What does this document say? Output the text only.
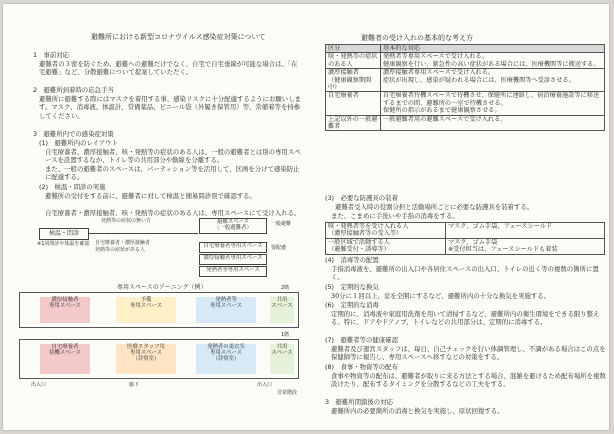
避難所における新型コロナウイルス感染症対策について
1　事前対応
避難者の３密を防ぐため、避難への避難だけでなく、自宅で自宅垂線が可能な場合は、「在宅避難」など、分散避難について提案していただく。
2　避難所到着時の応急手当
避難所に避難する際にはマスクを着用する事、感染リスクに十分配慮するようにお願いします。マスク、消毒液、体温計、常備薬品、ビニール袋（外履き保管用）等、常備着等を持参してください。
3　避難所内での感染症対策
(1)　避難所内のレイアウト
自宅療養者、濃厚接触者、咳・発熱等の症状のある人は、一般の避難者とは別の専用スペースを設置するなか、トイレ等の共用部分や動線を分離する。
また、一般の避難者のスペースは、パーティション等を活用して、区画を分けて感染防止に配慮する。
(2)　検温・問診の実施
避難所の受付をする前に、避難者に対して検温と簡易問診票で確認する。
自宅療養者・濃厚接触者、咳・発熱等の症状のある人は、専用スペースにて受け入れる。
検温・問診
※1回問診や体温を確認
発熱等の症状の無い方	避難スペース
（一般避難者）
自宅療養者・濃厚接触者
発熱等の症状がある人
自宅療養者専用スペース
濃厚接触者専用スペース
発熱者等専用スペース
一般避難
要配慮
専用スペースのゾーニング（例）	2階
濃厚接触者
専用スペース
予備
専用スペース
発熱者等
専用スペース
共用
スペース
1階
自宅療養者
待機スペース
医療スタッフ用
専用スペース
（診察室）
発熱者の更衣室
専用スペース
（診察室）
共用
スペース
出入口	出入口
廊下
非常階段
避難者の受け入れの基本的な考え方
区分	基本的な対応
咳・発熱等の症状のある人	発熱者等専用スペースで受け入れる。
健康観察を行い、緊急性の高い症状がある場合には、医療機関等に搬送する。
濃厚接触者
（健康観察期間中）	濃厚接触者専用スペースで受け入れる。
症状が出現し、感染が疑われる場合には、医療機関等へ受診させる。
自宅療養者	自宅療養者待機スペースで待機させ、保健所に連絡し、宿泊療養施設等に移送するまでの間、避難所の一室で待機させる。
保健所の指示があるまで健康観察させる。
上記以外の一般避難者	一般避難者用の避難スペースで受け入れる。
(3)　必要な防護具の装着
避難者受入時の役割分担と活動場所ごとに必要な防護具を装着する。
また、こまめに手洗いや手指の消毒をする。
咳・発熱者等を受け入れる人
（濃厚接触者等の受入等）	マスク、ゴム手袋、フェースシールド
一般区域で活動する人
（避難受付・誘導等）	マスク、ゴム手袋
※受付担当は、フェースシールドも着装
(4)　消毒等の配置
手指消毒液を、避難所の出入口や各居住スペースの出入口、トイレの近く等の複数の箇所に置く。
(5)　定期的な換気
30分に１回以上、窓を全開にするなど、避難所内の十分な換気を実施する。
(6)　定期的な消毒
定期的に、消毒液や家庭用洗剤を用いて清掃するなど、避難所内の衛生環境をできる限り整える。特に、ドアやドアノブ、トイレなどの共用部分は、定期的に消毒する。
(7)　避難者等の健康確認
避難者及び運営スタッフは、毎日、自己チェックを行い体調管理し、不調がある場合はこの点を保健師等に報告し、専用スペースへ移すなどの対策をする。
(8)　食事・物資等の配布
食事や物資等の配布は、避難者が取りに来る方法とする場合、混雑を避けるため配布場所を複数設けたり、配布するタイミングを分散するなどの工夫をする。
3　避難所閉鎖後の対応
避難所内の必要箇所の消毒と換気を実施し、原状回復する。
